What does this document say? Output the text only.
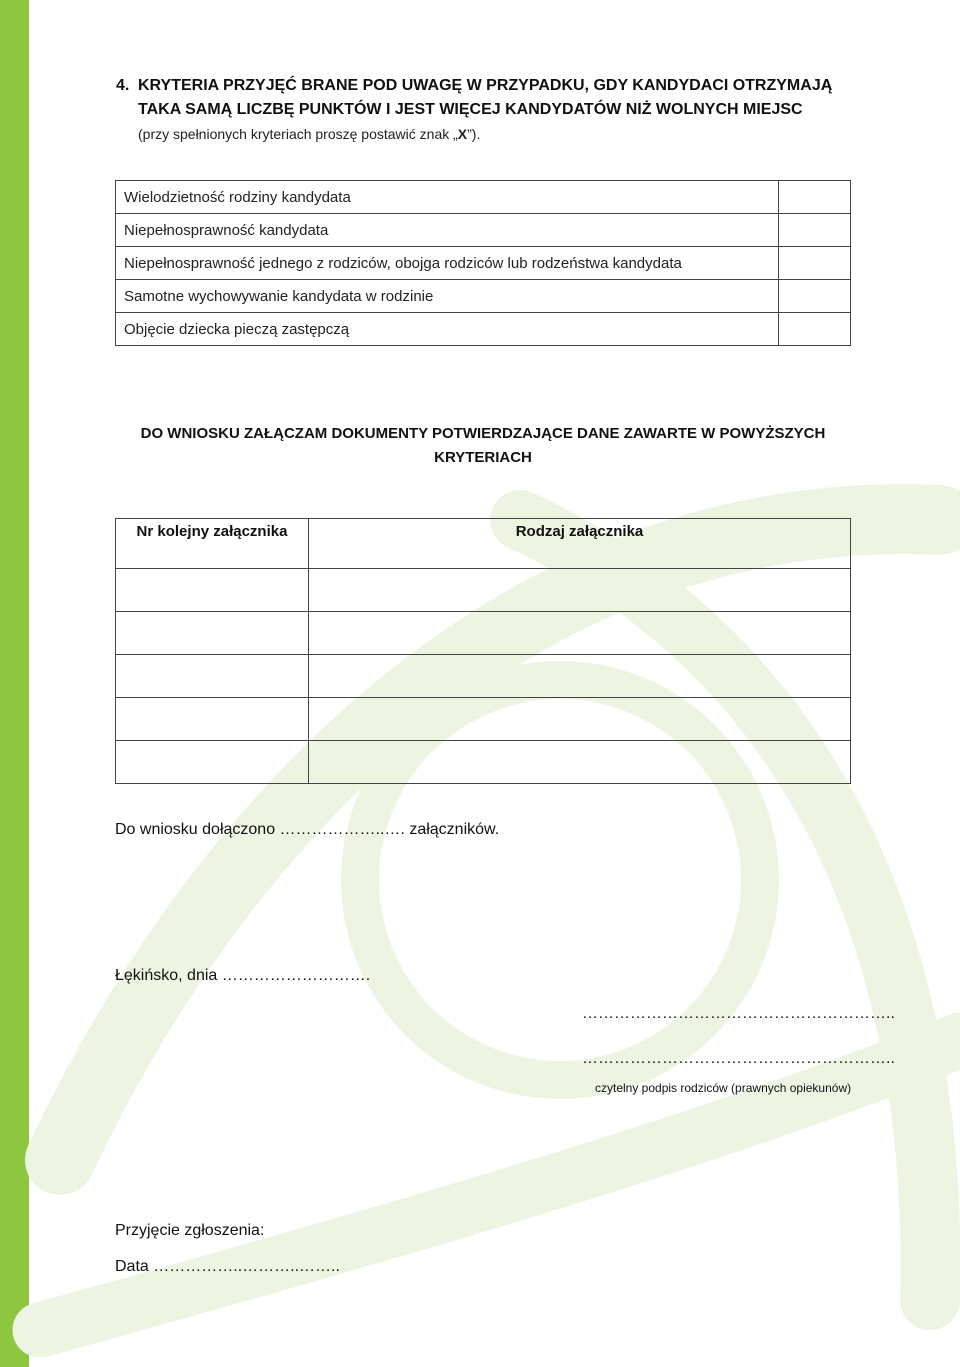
4. KRYTERIA PRZYJĘĆ BRANE POD UWAGĘ W PRZYPADKU, GDY KANDYDACI OTRZYMAJĄ
TAKA SAMĄ LICZBĘ PUNKTÓW I JEST WIĘCEJ KANDYDATÓW NIŻ WOLNYCH MIEJSC
(przy spełnionych kryteriach proszę postawić znak „X”).
Wielodzietność rodziny kandydata	
Niepełnosprawność kandydata	
Niepełnosprawność jednego z rodziców, obojga rodziców lub rodzeństwa kandydata	
Samotne wychowywanie kandydata w rodzinie	
Objęcie dziecka pieczą zastępczą	
DO WNIOSKU ZAŁĄCZAM DOKUMENTY POTWIERDZAJĄCE DANE ZAWARTE W POWYŻSZYCH KRYTERIACH
Nr kolejny załącznika	Rodzaj załącznika

Do wniosku dołączono ………………..…. załączników.
Łękińsko, dnia ……………………….
…………………………………………………..
…………………………………………………..
czytelny podpis rodziców (prawnych opiekunów)
Przyjęcie zgłoszenia:
Data ……………..………..……..
